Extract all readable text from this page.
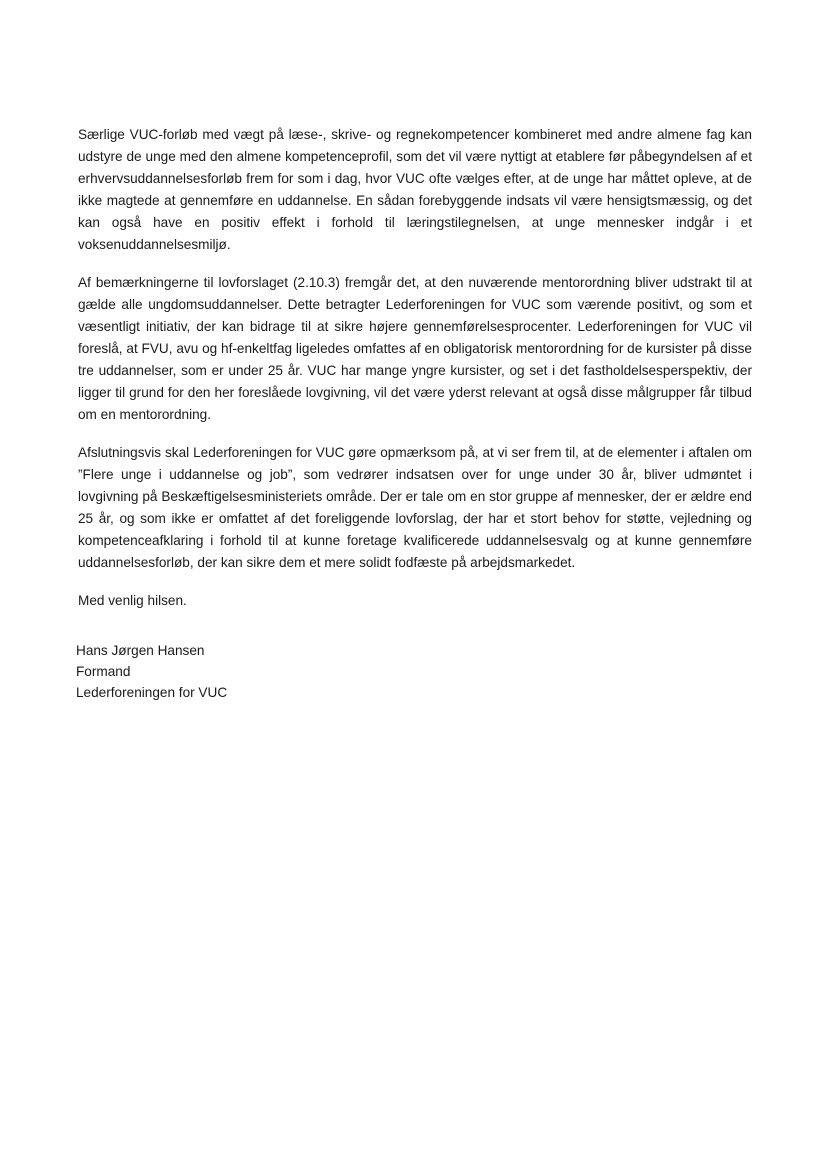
Særlige VUC-forløb med vægt på læse-, skrive- og regnekompetencer kombineret med andre almene fag kan udstyre de unge med den almene kompetenceprofil, som det vil være nyttigt at etablere før påbegyndelsen af et erhvervsuddannelsesforløb frem for som i dag, hvor VUC ofte vælges efter, at de unge har måttet opleve, at de ikke magtede at gennemføre en uddannelse. En sådan forebyggende indsats vil være hensigtsmæssig, og det kan også have en positiv effekt i forhold til læringstilegnelsen, at unge mennesker indgår i et voksenuddannelsesmiljø.

Af bemærkningerne til lovforslaget (2.10.3) fremgår det, at den nuværende mentorordning bliver udstrakt til at gælde alle ungdomsuddannelser. Dette betragter Lederforeningen for VUC som værende positivt, og som et væsentligt initiativ, der kan bidrage til at sikre højere gennemførelsesprocenter. Lederforeningen for VUC vil foreslå, at FVU, avu og hf-enkeltfag ligeledes omfattes af en obligatorisk mentorordning for de kursister på disse tre uddannelser, som er under 25 år. VUC har mange yngre kursister, og set i det fastholdelsesperspektiv, der ligger til grund for den her foreslåede lovgivning, vil det være yderst relevant at også disse målgrupper får tilbud om en mentorordning.

Afslutningsvis skal Lederforeningen for VUC gøre opmærksom på, at vi ser frem til, at de elementer i aftalen om ”Flere unge i uddannelse og job”, som vedrører indsatsen over for unge under 30 år, bliver udmøntet i lovgivning på Beskæftigelsesministeriets område. Der er tale om en stor gruppe af mennesker, der er ældre end 25 år, og som ikke er omfattet af det foreliggende lovforslag, der har et stort behov for støtte, vejledning og kompetenceafklaring i forhold til at kunne foretage kvalificerede uddannelsesvalg og at kunne gennemføre uddannelsesforløb, der kan sikre dem et mere solidt fodfæste på arbejdsmarkedet.

Med venlig hilsen.

Hans Jørgen Hansen
Formand
Lederforeningen for VUC
